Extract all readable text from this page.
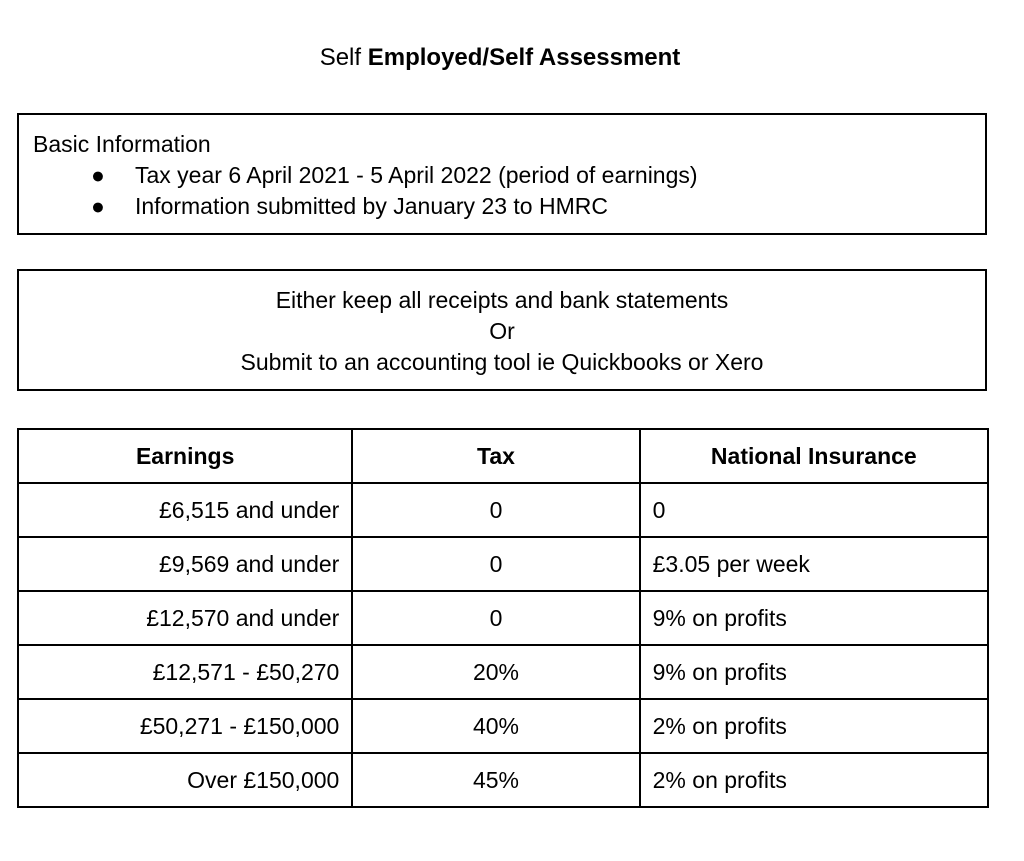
Self Employed/Self Assessment
Basic Information
● Tax year 6 April 2021 - 5 April 2022 (period of earnings)
● Information submitted by January 23 to HMRC
Either keep all receipts and bank statements
Or
Submit to an accounting tool ie Quickbooks or Xero
Earnings	Tax	National Insurance
£6,515 and under	0	0
£9,569 and under	0	£3.05 per week
£12,570 and under	0	9% on profits
£12,571 - £50,270	20%	9% on profits
£50,271 - £150,000	40%	2% on profits
Over £150,000	45%	2% on profits
